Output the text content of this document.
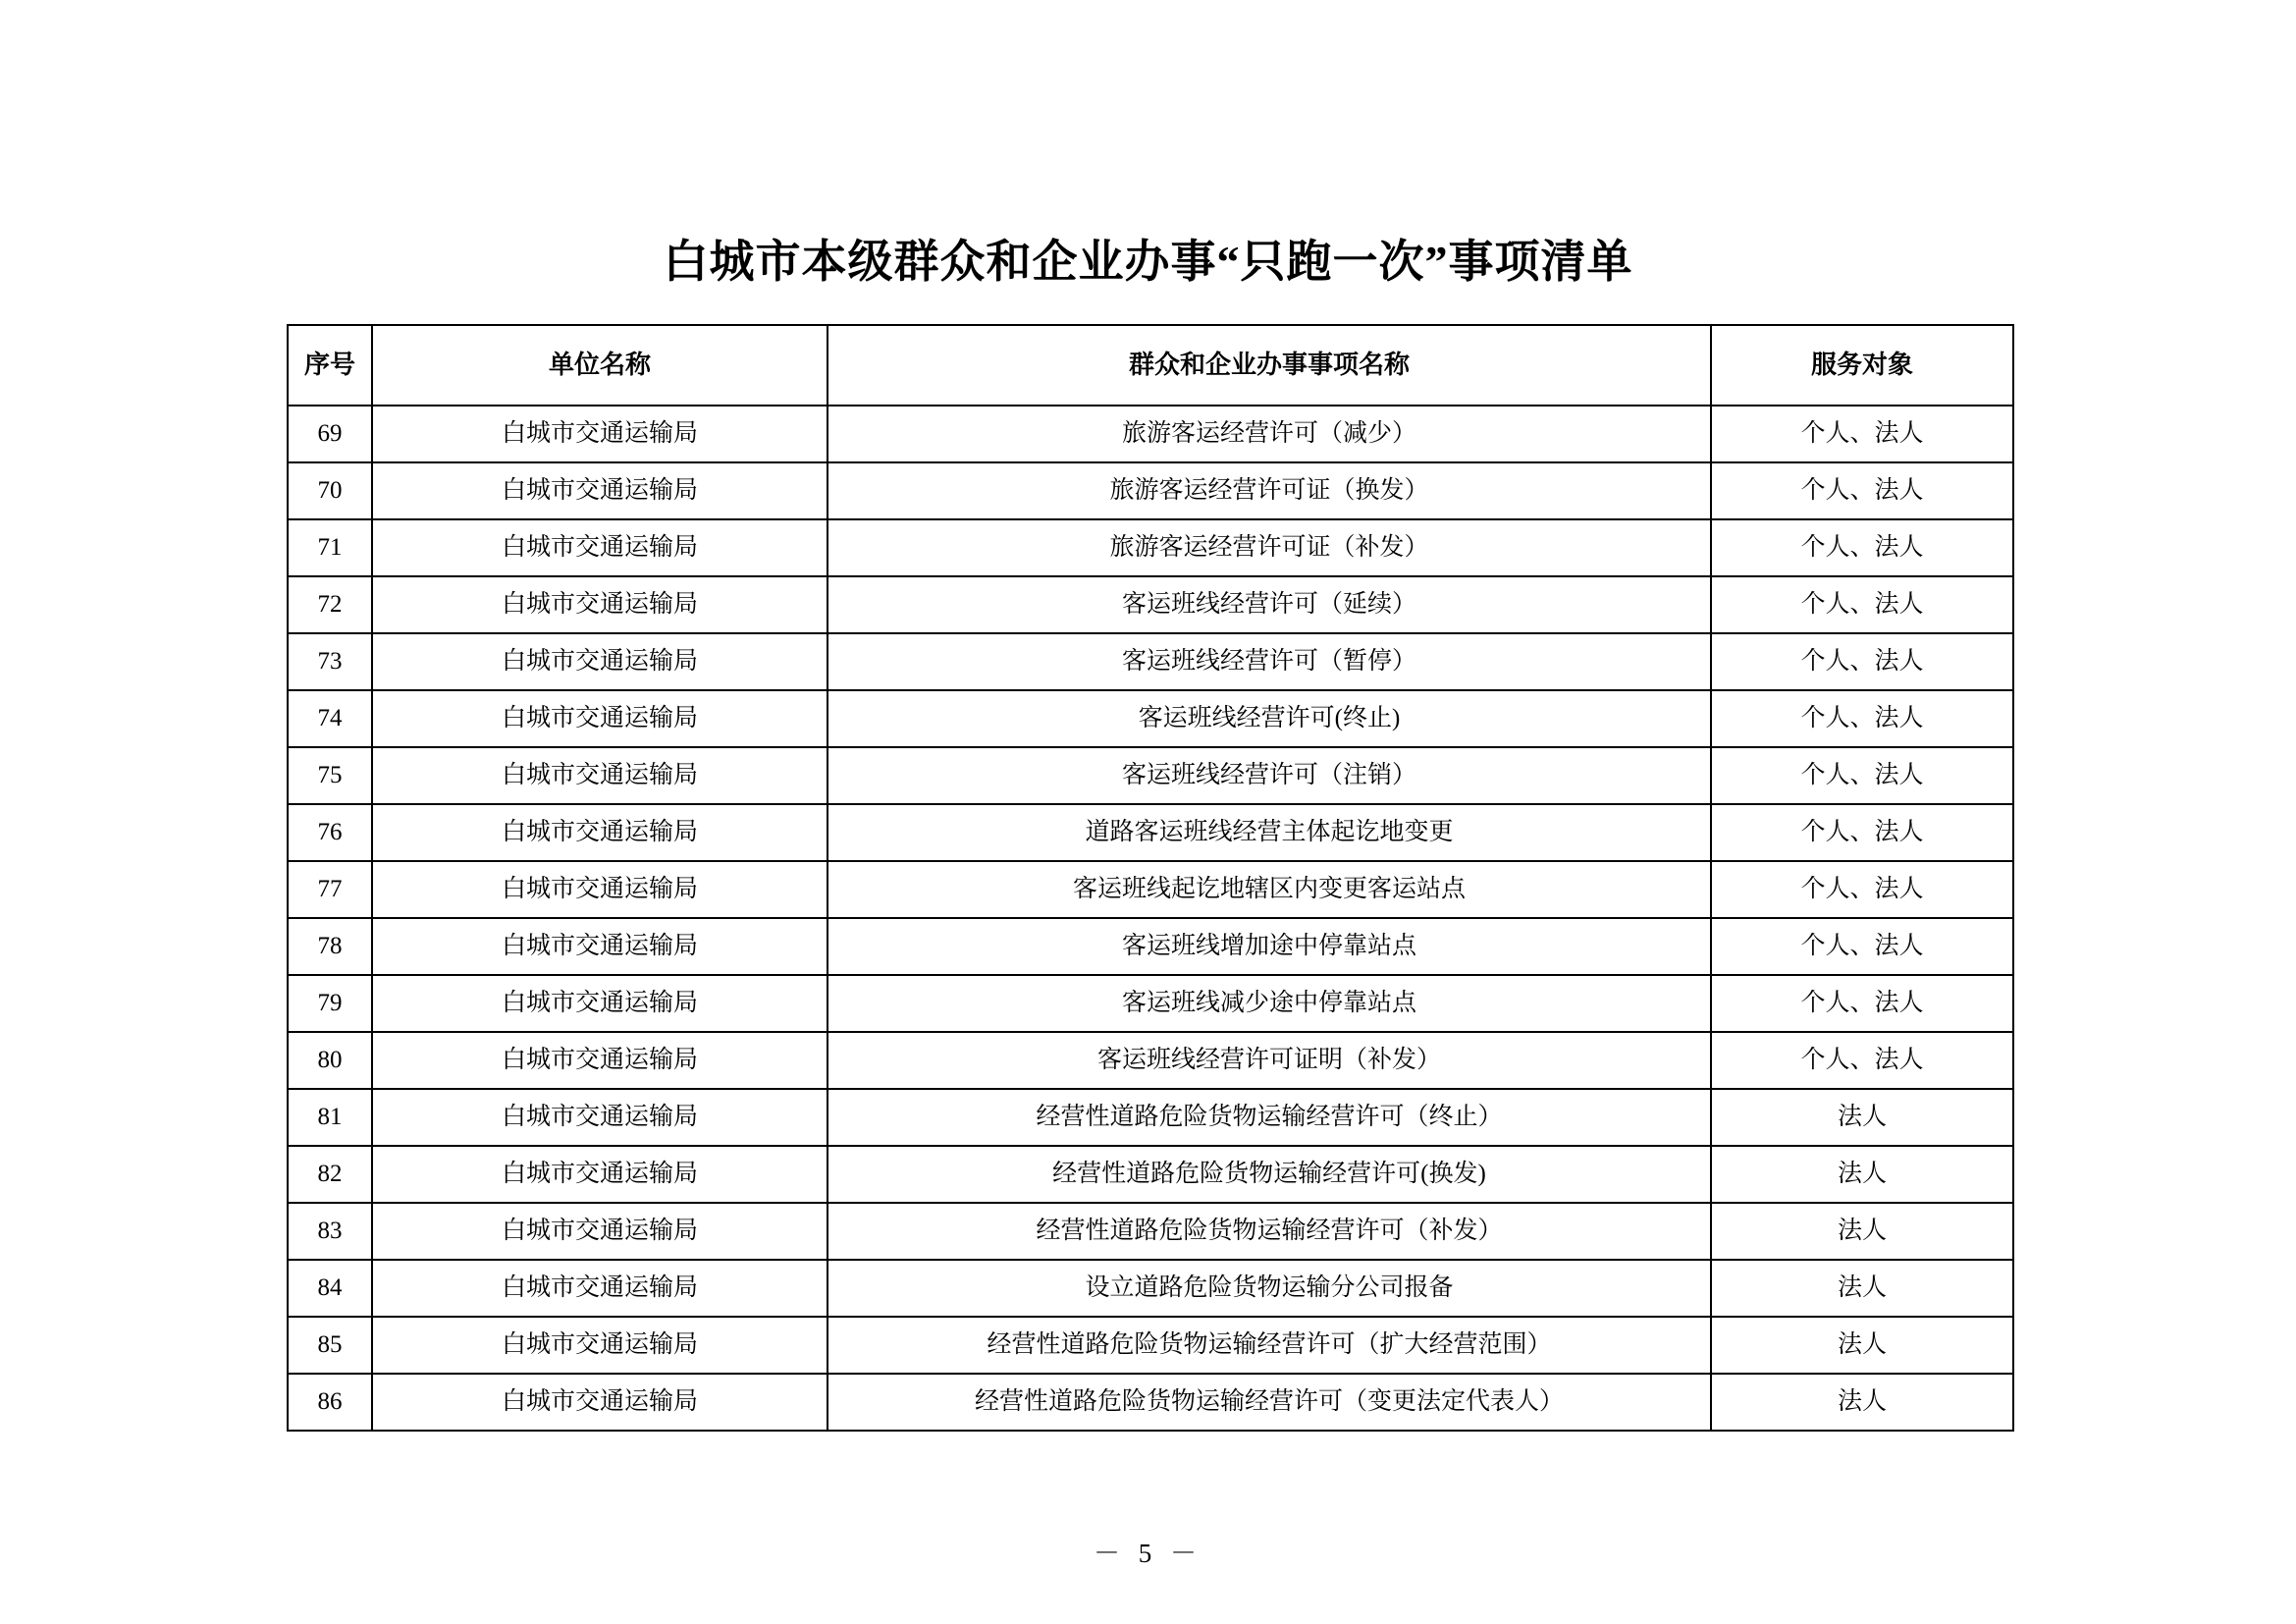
白城市本级群众和企业办事“只跑一次”事项清单
序号	单位名称	群众和企业办事事项名称	服务对象
69	白城市交通运输局	旅游客运经营许可（减少）	个人、法人
70	白城市交通运输局	旅游客运经营许可证（换发）	个人、法人
71	白城市交通运输局	旅游客运经营许可证（补发）	个人、法人
72	白城市交通运输局	客运班线经营许可（延续）	个人、法人
73	白城市交通运输局	客运班线经营许可（暂停）	个人、法人
74	白城市交通运输局	客运班线经营许可(终止)	个人、法人
75	白城市交通运输局	客运班线经营许可（注销）	个人、法人
76	白城市交通运输局	道路客运班线经营主体起讫地变更	个人、法人
77	白城市交通运输局	客运班线起讫地辖区内变更客运站点	个人、法人
78	白城市交通运输局	客运班线增加途中停靠站点	个人、法人
79	白城市交通运输局	客运班线减少途中停靠站点	个人、法人
80	白城市交通运输局	客运班线经营许可证明（补发）	个人、法人
81	白城市交通运输局	经营性道路危险货物运输经营许可（终止）	法人
82	白城市交通运输局	经营性道路危险货物运输经营许可(换发)	法人
83	白城市交通运输局	经营性道路危险货物运输经营许可（补发）	法人
84	白城市交通运输局	设立道路危险货物运输分公司报备	法人
85	白城市交通运输局	经营性道路危险货物运输经营许可（扩大经营范围）	法人
86	白城市交通运输局	经营性道路危险货物运输经营许可（变更法定代表人）	法人
－ 5 －
